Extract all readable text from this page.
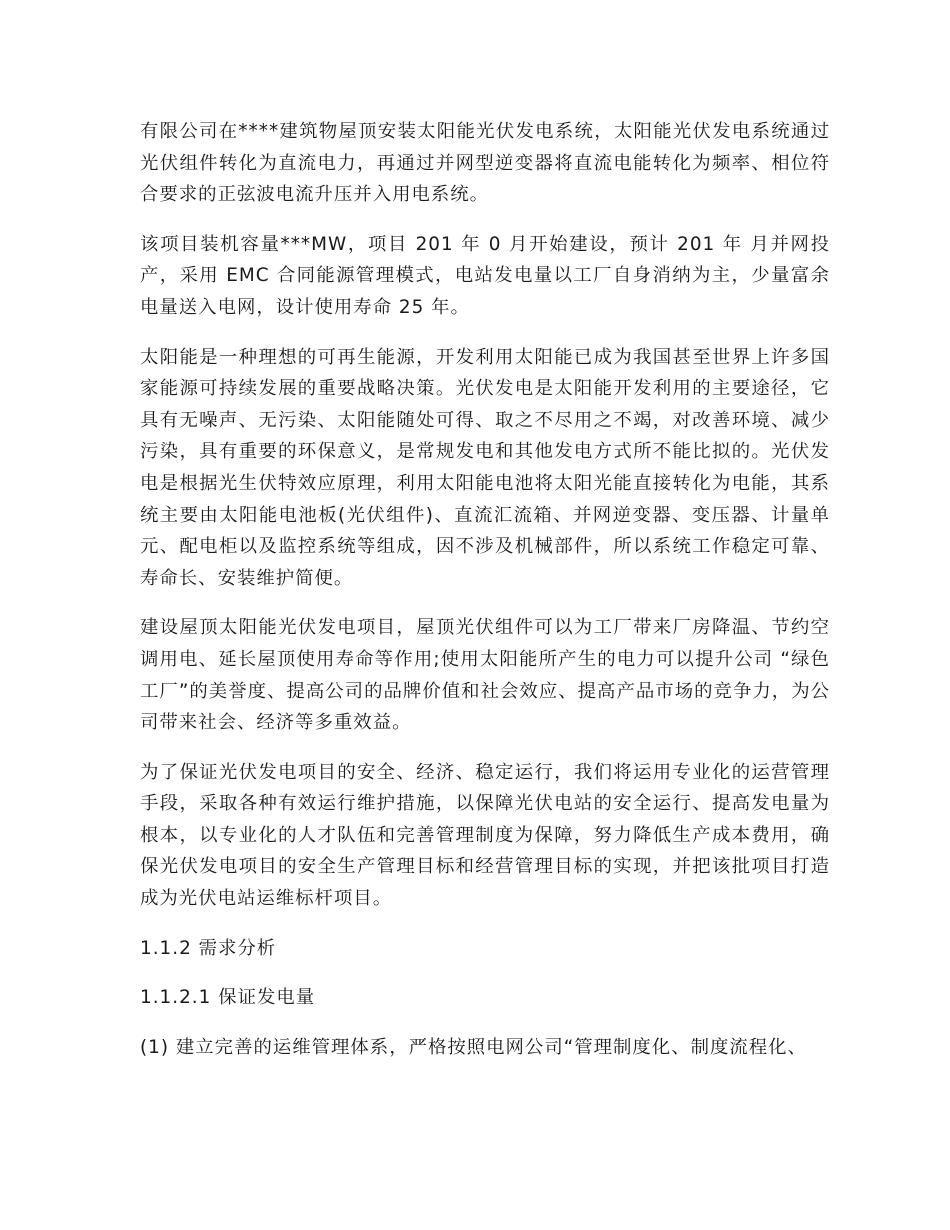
有限公司在****建筑物屋顶安装太阳能光伏发电系统，太阳能光伏发电系统通过光伏组件转化为直流电力，再通过并网型逆变器将直流电能转化为频率、相位符合要求的正弦波电流升压并入用电系统。

该项目装机容量***MW，项目 201 年 0 月开始建设，预计 201 年 月并网投产，采用 EMC 合同能源管理模式，电站发电量以工厂自身消纳为主，少量富余电量送入电网，设计使用寿命 25 年。

太阳能是一种理想的可再生能源，开发利用太阳能已成为我国甚至世界上许多国家能源可持续发展的重要战略决策。光伏发电是太阳能开发利用的主要途径，它具有无噪声、无污染、太阳能随处可得、取之不尽用之不竭，对改善环境、减少污染，具有重要的环保意义，是常规发电和其他发电方式所不能比拟的。光伏发电是根据光生伏特效应原理，利用太阳能电池将太阳光能直接转化为电能，其系统主要由太阳能电池板(光伏组件)、直流汇流箱、并网逆变器、变压器、计量单元、配电柜以及监控系统等组成，因不涉及机械部件，所以系统工作稳定可靠、寿命长、安装维护简便。

建设屋顶太阳能光伏发电项目，屋顶光伏组件可以为工厂带来厂房降温、节约空调用电、延长屋顶使用寿命等作用;使用太阳能所产生的电力可以提升公司 “绿色工厂”的美誉度、提高公司的品牌价值和社会效应、提高产品市场的竞争力，为公司带来社会、经济等多重效益。

为了保证光伏发电项目的安全、经济、稳定运行，我们将运用专业化的运营管理手段，采取各种有效运行维护措施，以保障光伏电站的安全运行、提高发电量为根本，以专业化的人才队伍和完善管理制度为保障，努力降低生产成本费用，确保光伏发电项目的安全生产管理目标和经营管理目标的实现，并把该批项目打造成为光伏电站运维标杆项目。

1.1.2 需求分析

1.1.2.1 保证发电量

(1) 建立完善的运维管理体系，严格按照电网公司“管理制度化、制度流程化、
